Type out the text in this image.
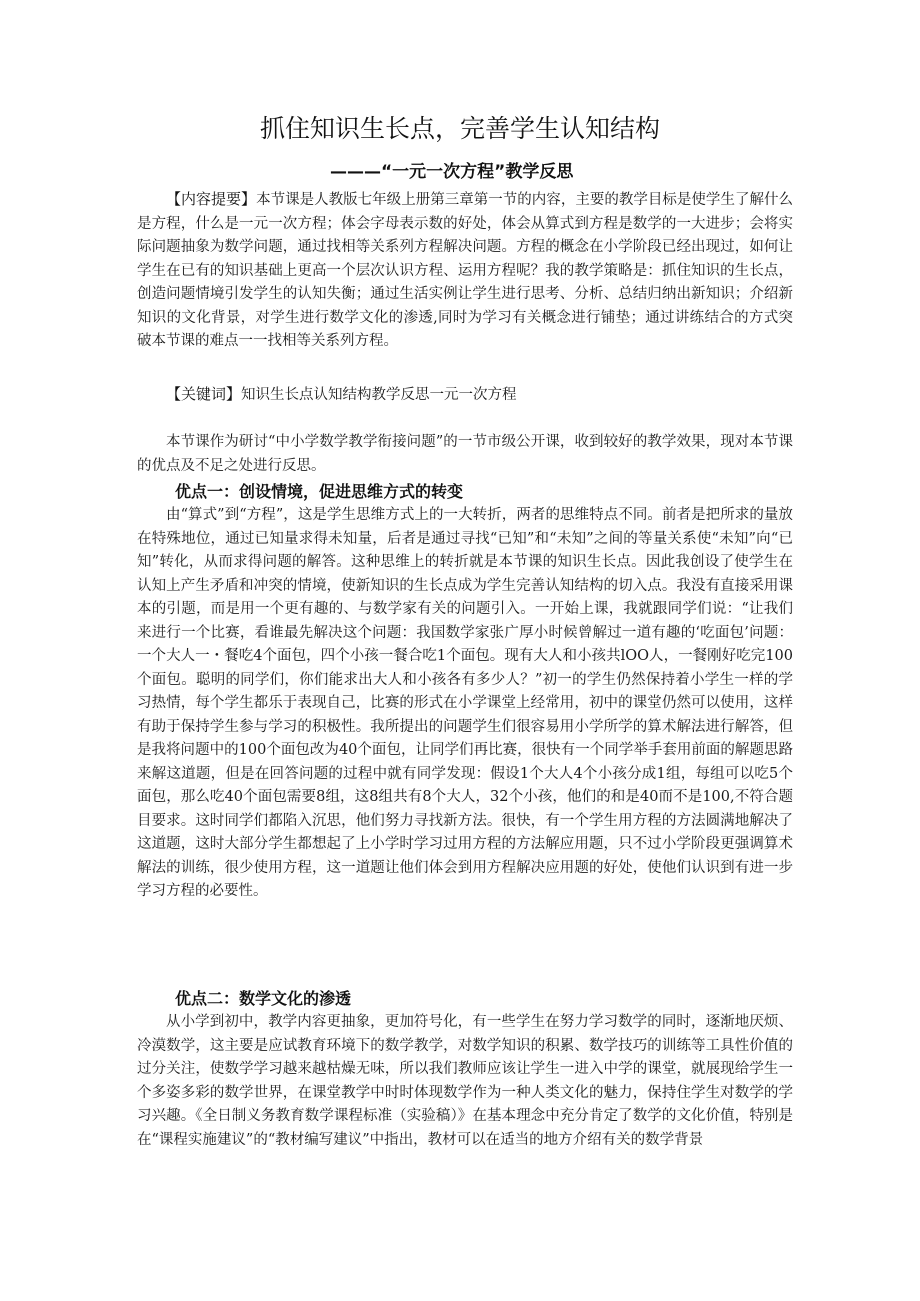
抓住知识生长点，完善学生认知结构
———“一元一次方程”教学反思

【内容提要】本节课是人教版七年级上册第三章第一节的内容，主要的教学目标是使学生了解什么是方程，什么是一元一次方程；体会字母表示数的好处，体会从算式到方程是数学的一大进步；会将实际问题抽象为数学问题，通过找相等关系列方程解决问题。方程的概念在小学阶段已经出现过，如何让学生在已有的知识基础上更高一个层次认识方程、运用方程呢？我的教学策略是：抓住知识的生长点，创造问题情境引发学生的认知失衡；通过生活实例让学生进行思考、分析、总结归纳出新知识；介绍新知识的文化背景，对学生进行数学文化的渗透,同时为学习有关概念进行铺垫；通过讲练结合的方式突破本节课的难点一一找相等关系列方程。

【关键词】知识生长点认知结构教学反思一元一次方程

本节课作为研讨“中小学数学教学衔接问题”的一节市级公开课，收到较好的教学效果，现对本节课的优点及不足之处进行反思。

优点一：创设情境，促进思维方式的转变

由“算式”到“方程”，这是学生思维方式上的一大转折，两者的思维特点不同。前者是把所求的量放在特殊地位，通过已知量求得未知量，后者是通过寻找“已知”和“未知”之间的等量关系使“未知”向“已知”转化，从而求得问题的解答。这种思维上的转折就是本节课的知识生长点。因此我创设了使学生在认知上产生矛盾和冲突的情境，使新知识的生长点成为学生完善认知结构的切入点。我没有直接采用课本的引题，而是用一个更有趣的、与数学家有关的问题引入。一开始上课，我就跟同学们说：“让我们来进行一个比赛，看谁最先解决这个问题：我国数学家张广厚小时候曾解过一道有趣的‘吃面包’问题：一个大人一・餐吃4个面包，四个小孩一餐合吃1个面包。现有大人和小孩共lOO人，一餐刚好吃完100个面包。聪明的同学们，你们能求出大人和小孩各有多少人？”初一的学生仍然保持着小学生一样的学习热情，每个学生都乐于表现自己，比赛的形式在小学课堂上经常用，初中的课堂仍然可以使用，这样有助于保持学生参与学习的积极性。我所提出的问题学生们很容易用小学所学的算术解法进行解答，但是我将问题中的100个面包改为40个面包，让同学们再比赛，很快有一个同学举手套用前面的解题思路来解这道题，但是在回答问题的过程中就有同学发现：假设1个大人4个小孩分成1组，每组可以吃5个面包，那么吃40个面包需要8组，这8组共有8个大人，32个小孩，他们的和是40而不是100,不符合题目要求。这时同学们都陷入沉思，他们努力寻找新方法。很快，有一个学生用方程的方法圆满地解决了这道题，这时大部分学生都想起了上小学时学习过用方程的方法解应用题，只不过小学阶段更强调算术解法的训练，很少使用方程，这一道题让他们体会到用方程解决应用题的好处，使他们认识到有进一步学习方程的必要性。

优点二：数学文化的渗透

从小学到初中，教学内容更抽象，更加符号化，有一些学生在努力学习数学的同时，逐渐地厌烦、冷漠数学，这主要是应试教育环境下的数学教学，对数学知识的积累、数学技巧的训练等工具性价值的过分关注，使数学学习越来越枯燥无味，所以我们教师应该让学生一进入中学的课堂，就展现给学生一个多姿多彩的数学世界，在课堂教学中时时体现数学作为一种人类文化的魅力，保持住学生对数学的学习兴趣。《全日制义务教育数学课程标准（实验稿）》在基本理念中充分肯定了数学的文化价值，特别是在“课程实施建议”的“教材编写建议”中指出，教材可以在适当的地方介绍有关的数学背景
